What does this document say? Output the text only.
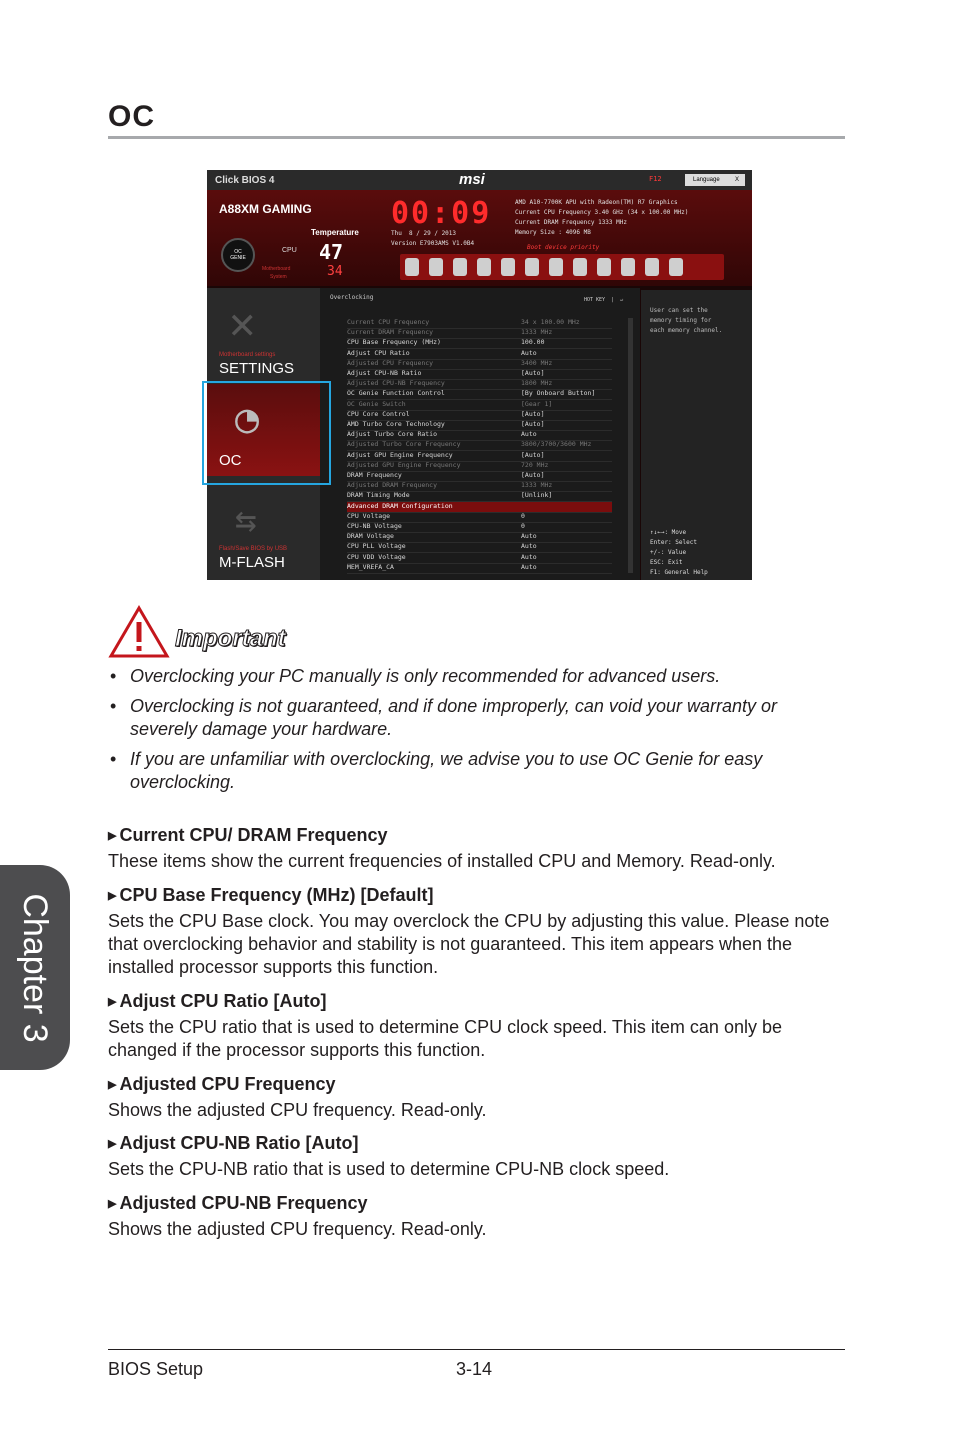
OC
Chapter 3
Click BIOS 4	msi	F12	Language	X
A88XM GAMING
OC GENIE
Temperature
CPU 47
Motherboard
System	34
00:09
Thu  8 / 29 / 2013
Version E7903AMS V1.0B4
AMD A10-7700K APU with Radeon(TM) R7 Graphics
Current CPU Frequency 3.40 GHz (34 x 100.00 MHz)
Current DRAM Frequency 1333 MHz
Memory Size : 4096 MB
Boot device priority
✕
Motherboard settings
SETTINGS
◔
OC
⇆
Flash/Save BIOS by USB
M-FLASH
Overclocking	HOT KEY  |  ↵
User can set the
memory timing for
each memory channel.
↑↓←→: Move
Enter: Select
+/-: Value
ESC: Exit
F1: General Help
Current CPU Frequency	34 x 100.00 MHz
Current DRAM Frequency	1333 MHz
CPU Base Frequency (MHz)	100.00
Adjust CPU Ratio	Auto
Adjusted CPU Frequency	3400 MHz
Adjust CPU-NB Ratio	[Auto]
Adjusted CPU-NB Frequency	1800 MHz
OC Genie Function Control	[By Onboard Button]
OC Genie Switch	[Gear 1]
CPU Core Control	[Auto]
AMD Turbo Core Technology	[Auto]
Adjust Turbo Core Ratio	Auto
Adjusted Turbo Core Frequency	3800/3700/3600 MHz
Adjust GPU Engine Frequency	[Auto]
Adjusted GPU Engine Frequency	720 MHz
DRAM Frequency	[Auto]
Adjusted DRAM Frequency	1333 MHz
DRAM Timing Mode	[Unlink]
Advanced DRAM Configuration
CPU Voltage	0
CPU-NB Voltage	0
DRAM Voltage	Auto
CPU PLL Voltage	Auto
CPU VDD Voltage	Auto
MEM_VREFA_CA	Auto
Important
• Overclocking your PC manually is only recommended for advanced users.
• Overclocking is not guaranteed, and if done improperly, can void your warranty or severely damage your hardware.
• If you are unfamiliar with overclocking, we advise you to use OC Genie for easy overclocking.
▶ Current CPU/ DRAM Frequency
These items show the current frequencies of installed CPU and Memory. Read-only.
▶ CPU Base Frequency (MHz) [Default]
Sets the CPU Base clock. You may overclock the CPU by adjusting this value. Please note that overclocking behavior and stability is not guaranteed. This item appears when the installed processor supports this function.
▶ Adjust CPU Ratio [Auto]
Sets the CPU ratio that is used to determine CPU clock speed. This item can only be changed if the processor supports this function.
▶ Adjusted CPU Frequency
Shows the adjusted CPU frequency. Read-only.
▶ Adjust CPU-NB Ratio [Auto]
Sets the CPU-NB ratio that is used to determine CPU-NB clock speed.
▶ Adjusted CPU-NB Frequency
Shows the adjusted CPU frequency. Read-only.
BIOS Setup	3-14
